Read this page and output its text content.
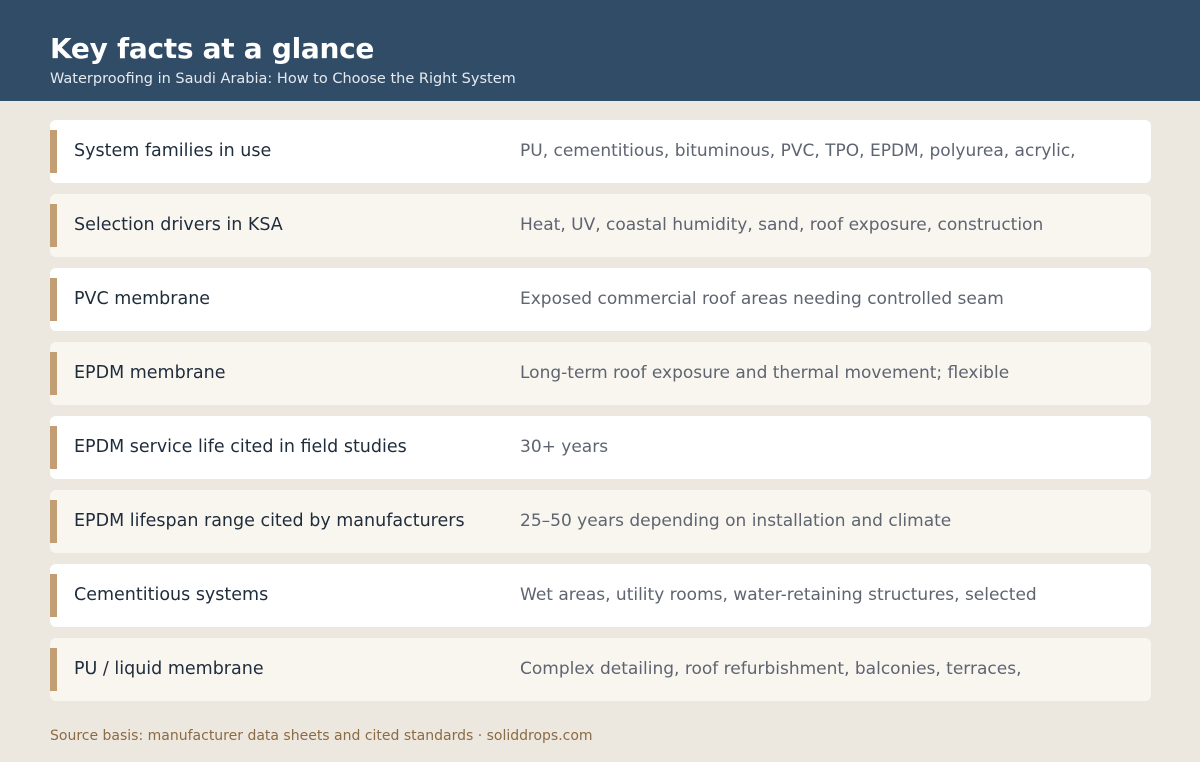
Key facts at a glance
Waterproofing in Saudi Arabia: How to Choose the Right System
System families in use	PU, cementitious, bituminous, PVC, TPO, EPDM, polyurea, acrylic,
Selection drivers in KSA	Heat, UV, coastal humidity, sand, roof exposure, construction
PVC membrane	Exposed commercial roof areas needing controlled seam
EPDM membrane	Long-term roof exposure and thermal movement; flexible
EPDM service life cited in field studies	30+ years
EPDM lifespan range cited by manufacturers	25–50 years depending on installation and climate
Cementitious systems	Wet areas, utility rooms, water-retaining structures, selected
PU / liquid membrane	Complex detailing, roof refurbishment, balconies, terraces,
Source basis: manufacturer data sheets and cited standards · soliddrops.com
